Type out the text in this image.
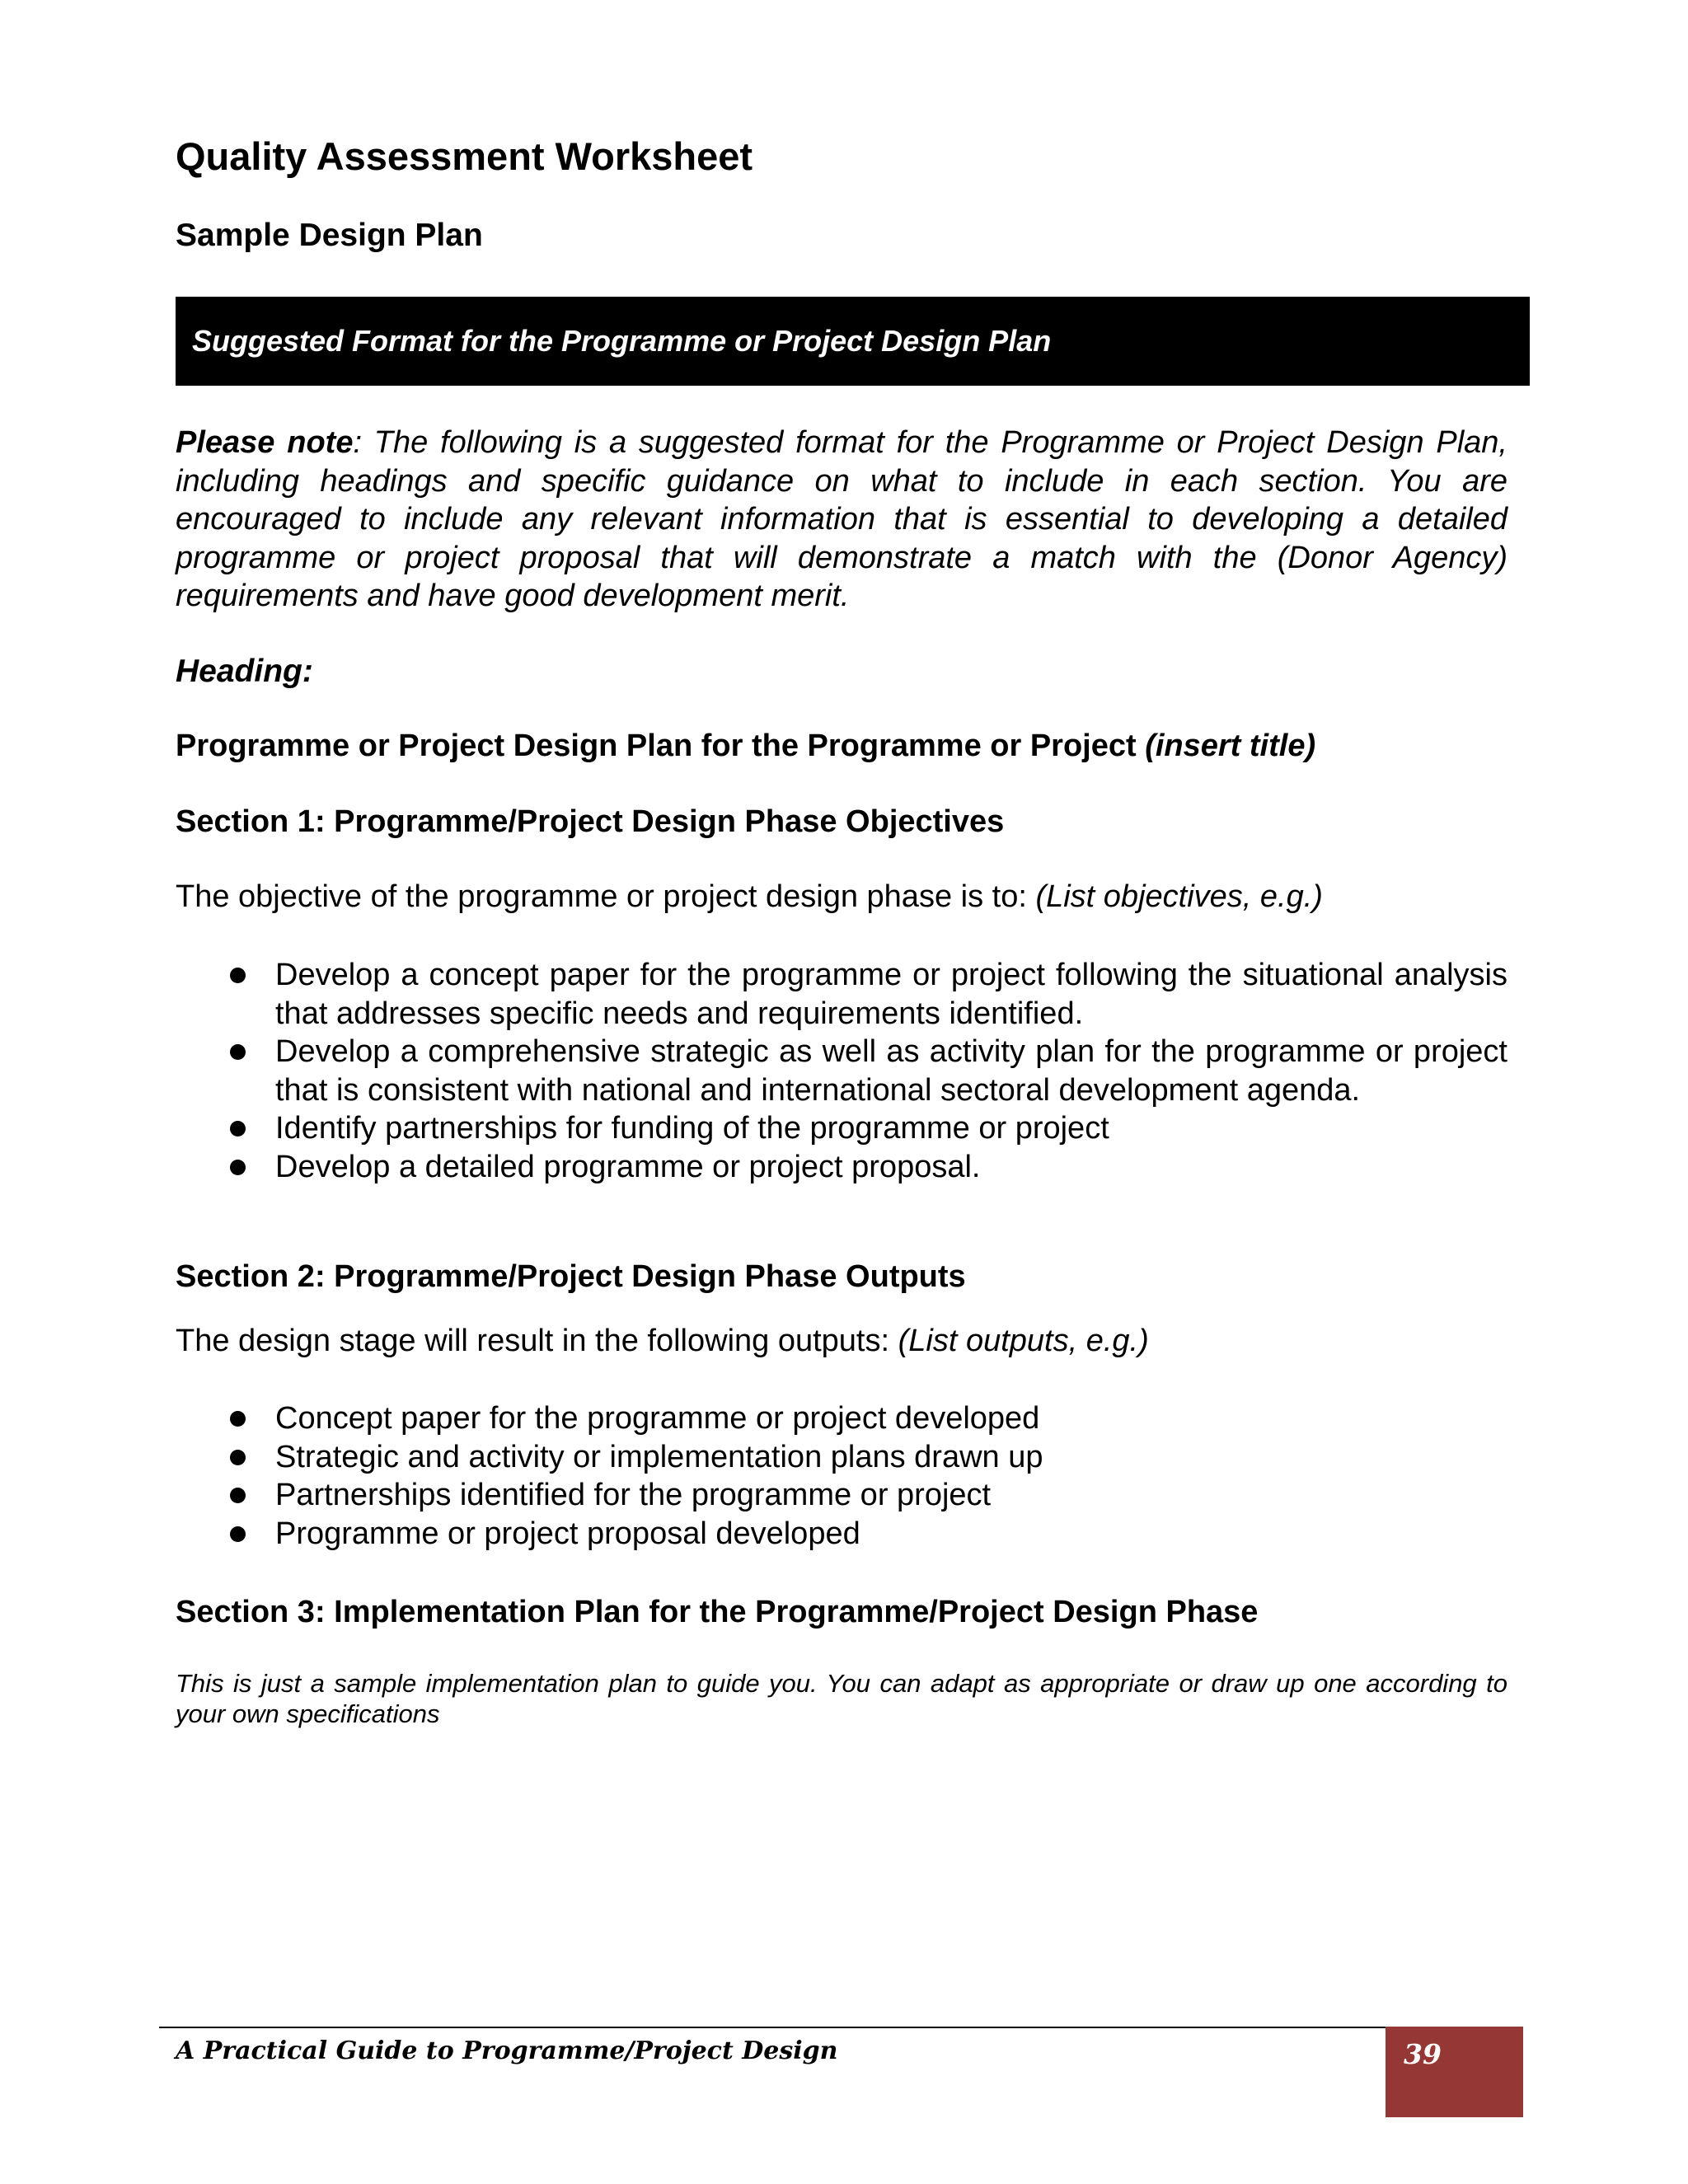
Quality Assessment Worksheet
Sample Design Plan
Suggested Format for the Programme or Project Design Plan

Please note: The following is a suggested format for the Programme or Project Design Plan, including headings and specific guidance on what to include in each section. You are encouraged to include any relevant information that is essential to developing a detailed programme or project proposal that will demonstrate a match with the (Donor Agency) requirements and have good development merit.

Heading:

Programme or Project Design Plan for the Programme or Project (insert title)

Section 1: Programme/Project Design Phase Objectives

The objective of the programme or project design phase is to: (List objectives, e.g.)

Develop a concept paper for the programme or project following the situational analysis that addresses specific needs and requirements identified.
Develop a comprehensive strategic as well as activity plan for the programme or project that is consistent with national and international sectoral development agenda.
Identify partnerships for funding of the programme or project
Develop a detailed programme or project proposal.

Section 2: Programme/Project Design Phase Outputs

The design stage will result in the following outputs: (List outputs, e.g.)

Concept paper for the programme or project developed
Strategic and activity or implementation plans drawn up
Partnerships identified for the programme or project
Programme or project proposal developed

Section 3: Implementation Plan for the Programme/Project Design Phase

This is just a sample implementation plan to guide you. You can adapt as appropriate or draw up one according to your own specifications

A Practical Guide to Programme/Project Design	39
